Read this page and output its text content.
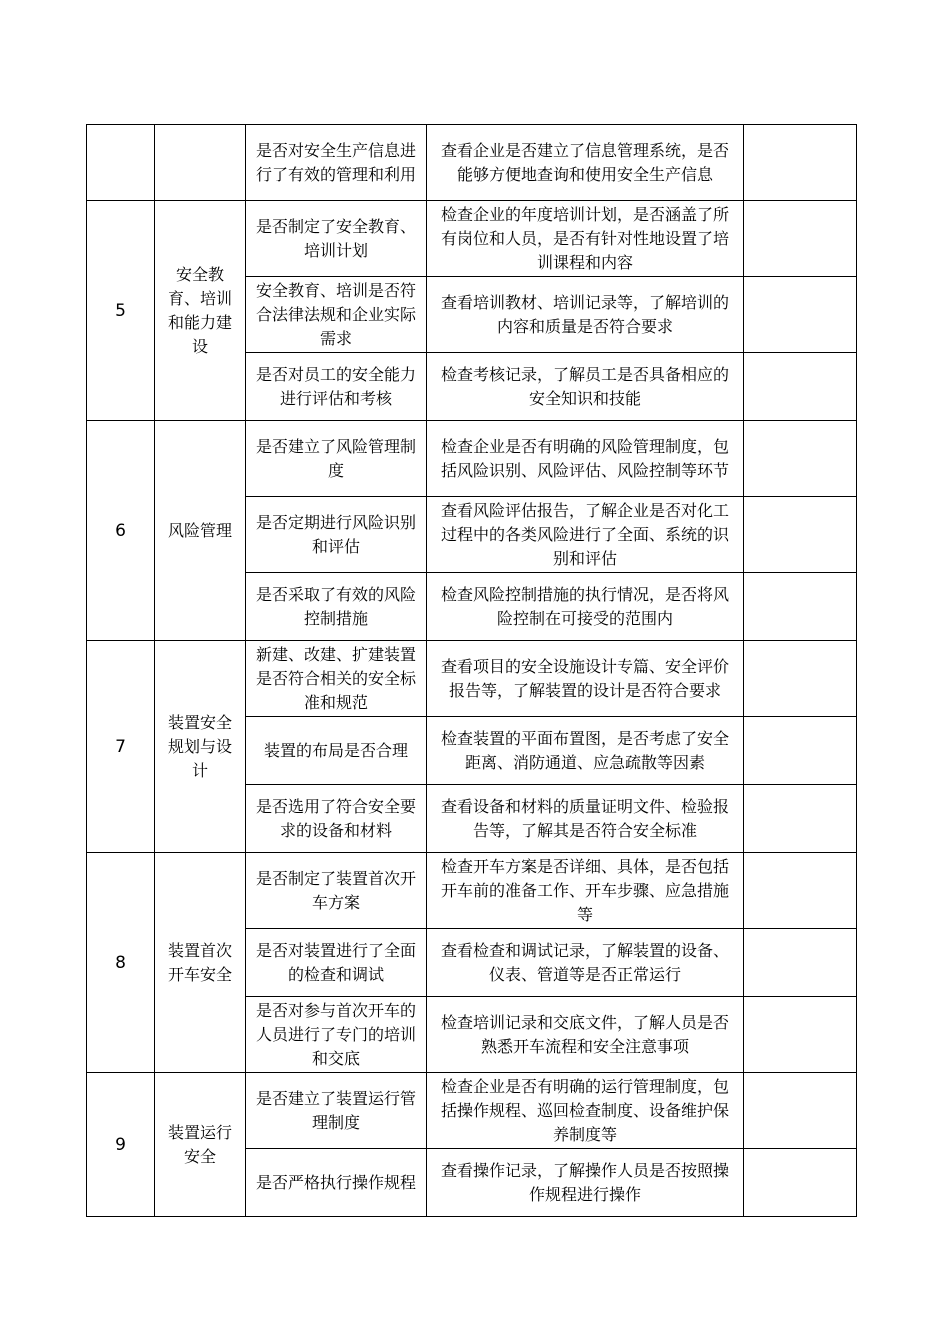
		是否对安全生产信息进行了有效的管理和利用	查看企业是否建立了信息管理系统，是否能够方便地查询和使用安全生产信息	
5	安全教育、培训和能力建设	是否制定了安全教育、培训计划	检查企业的年度培训计划，是否涵盖了所有岗位和人员，是否有针对性地设置了培训课程和内容	
		安全教育、培训是否符合法律法规和企业实际需求	查看培训教材、培训记录等，了解培训的内容和质量是否符合要求	
		是否对员工的安全能力进行评估和考核	检查考核记录，了解员工是否具备相应的安全知识和技能	
6	风险管理	是否建立了风险管理制度	检查企业是否有明确的风险管理制度，包括风险识别、风险评估、风险控制等环节	
		是否定期进行风险识别和评估	查看风险评估报告，了解企业是否对化工过程中的各类风险进行了全面、系统的识别和评估	
		是否采取了有效的风险控制措施	检查风险控制措施的执行情况，是否将风险控制在可接受的范围内	
7	装置安全规划与设计	新建、改建、扩建装置是否符合相关的安全标准和规范	查看项目的安全设施设计专篇、安全评价报告等，了解装置的设计是否符合要求	
		装置的布局是否合理	检查装置的平面布置图，是否考虑了安全距离、消防通道、应急疏散等因素	
		是否选用了符合安全要求的设备和材料	查看设备和材料的质量证明文件、检验报告等，了解其是否符合安全标准	
8	装置首次开车安全	是否制定了装置首次开车方案	检查开车方案是否详细、具体，是否包括开车前的准备工作、开车步骤、应急措施等	
		是否对装置进行了全面的检查和调试	查看检查和调试记录，了解装置的设备、仪表、管道等是否正常运行	
		是否对参与首次开车的人员进行了专门的培训和交底	检查培训记录和交底文件，了解人员是否熟悉开车流程和安全注意事项	
9	装置运行安全	是否建立了装置运行管理制度	检查企业是否有明确的运行管理制度，包括操作规程、巡回检查制度、设备维护保养制度等	
		是否严格执行操作规程	查看操作记录，了解操作人员是否按照操作规程进行操作	
